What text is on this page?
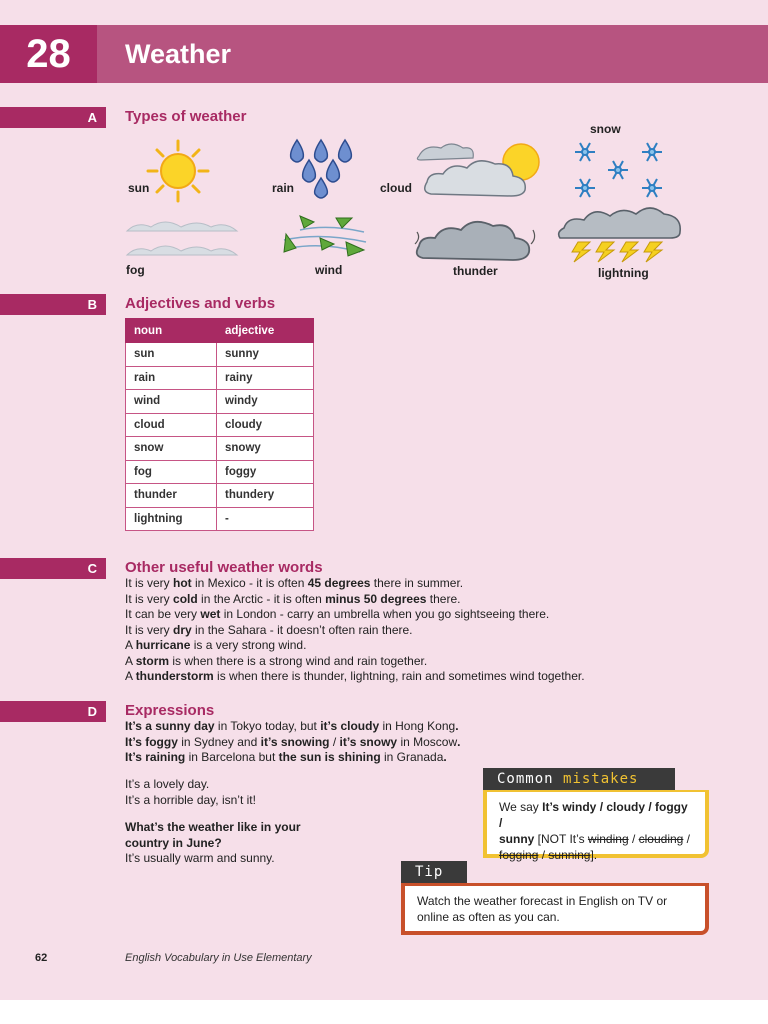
28	Weather
A	Types of weather
sun	rain	cloud
snow
fog	wind	thunder	lightning
B	Adjectives and verbs
noun	adjective
sun	sunny
rain	rainy
wind	windy
cloud	cloudy
snow	snowy
fog	foggy
thunder	thundery
lightning	-
C	Other useful weather words

It is very hot in Mexico - it is often 45 degrees there in summer.

It is very cold in the Arctic - it is often minus 50 degrees there.

It can be very wet in London - carry an umbrella when you go sightseeing there.

It is very dry in the Sahara - it doesn’t often rain there.

A hurricane is a very strong wind.

A storm is when there is a strong wind and rain together.

A thunderstorm is when there is thunder, lightning, rain and sometimes wind together.

D	Expressions

It’s a sunny day in Tokyo today, but it’s cloudy in Hong Kong.

It’s foggy in Sydney and it’s snowing / it’s snowy in Moscow.

It’s raining in Barcelona but the sun is shining in Granada.

It’s a lovely day.

It’s a horrible day, isn’t it!

What’s the weather like in your

country in June?

It’s usually warm and sunny.

Common mistakes
We say It’s windy / cloudy / foggy /
sunny [NOT It’s winding / clouding /
fogging / sunning].
Tip
Watch the weather forecast in English on TV or
online as often as you can.
62	English Vocabulary in Use Elementary
